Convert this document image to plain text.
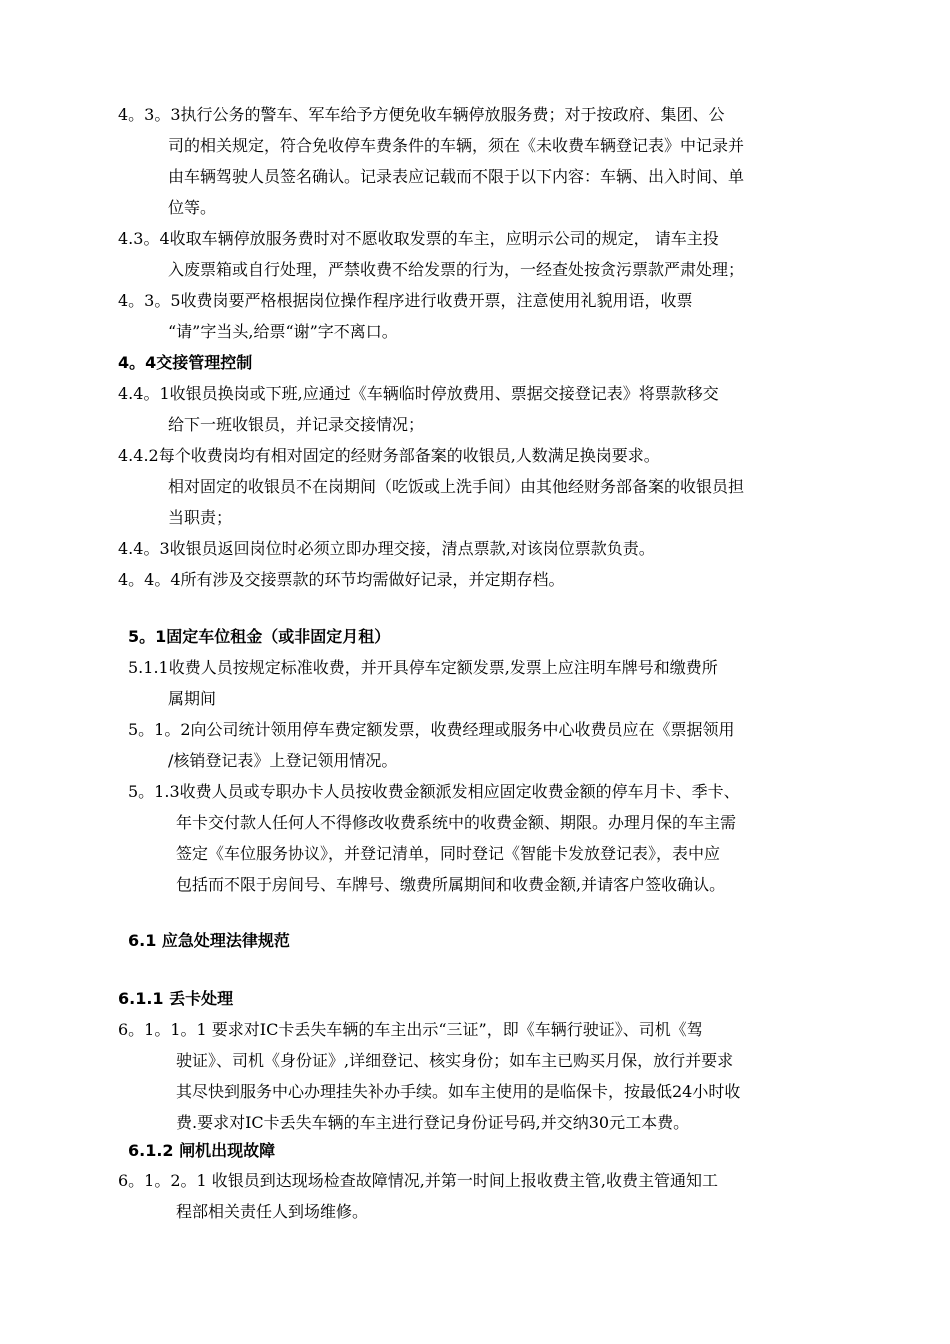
4。3。3执行公务的警车、军车给予方便免收车辆停放服务费；对于按政府、集团、公
司的相关规定，符合免收停车费条件的车辆，须在《未收费车辆登记表》中记录并
由车辆驾驶人员签名确认。记录表应记载而不限于以下内容：车辆、出入时间、单
位等。
4.3。4收取车辆停放服务费时对不愿收取发票的车主，应明示公司的规定， 请车主投
入废票箱或自行处理，严禁收费不给发票的行为，一经查处按贪污票款严肃处理；
4。3。5收费岗要严格根据岗位操作程序进行收费开票，注意使用礼貌用语，收票
“请”字当头,给票“谢”字不离口。
4。4交接管理控制
4.4。1收银员换岗或下班,应通过《车辆临时停放费用、票据交接登记表》将票款移交
给下一班收银员，并记录交接情况；
4.4.2每个收费岗均有相对固定的经财务部备案的收银员,人数满足换岗要求。
相对固定的收银员不在岗期间（吃饭或上洗手间）由其他经财务部备案的收银员担
当职责；
4.4。3收银员返回岗位时必须立即办理交接，清点票款,对该岗位票款负责。
4。4。4所有涉及交接票款的环节均需做好记录，并定期存档。
5。1固定车位租金（或非固定月租）
5.1.1收费人员按规定标准收费，并开具停车定额发票,发票上应注明车牌号和缴费所
属期间
5。1。2向公司统计领用停车费定额发票，收费经理或服务中心收费员应在《票据领用
/核销登记表》上登记领用情况。
5。1.3收费人员或专职办卡人员按收费金额派发相应固定收费金额的停车月卡、季卡、
年卡交付款人任何人不得修改收费系统中的收费金额、期限。办理月保的车主需
签定《车位服务协议》，并登记清单，同时登记《智能卡发放登记表》，表中应
包括而不限于房间号、车牌号、缴费所属期间和收费金额,并请客户签收确认。
6.1 应急处理法律规范
6.1.1 丢卡处理
6。1。1。1 要求对IC卡丢失车辆的车主出示“三证”，即《车辆行驶证》、司机《驾
驶证》、司机《身份证》,详细登记、核实身份；如车主已购买月保，放行并要求
其尽快到服务中心办理挂失补办手续。如车主使用的是临保卡，按最低24小时收
费.要求对IC卡丢失车辆的车主进行登记身份证号码,并交纳30元工本费。
6.1.2 闸机出现故障
6。1。2。1 收银员到达现场检查故障情况,并第一时间上报收费主管,收费主管通知工
程部相关责任人到场维修。
